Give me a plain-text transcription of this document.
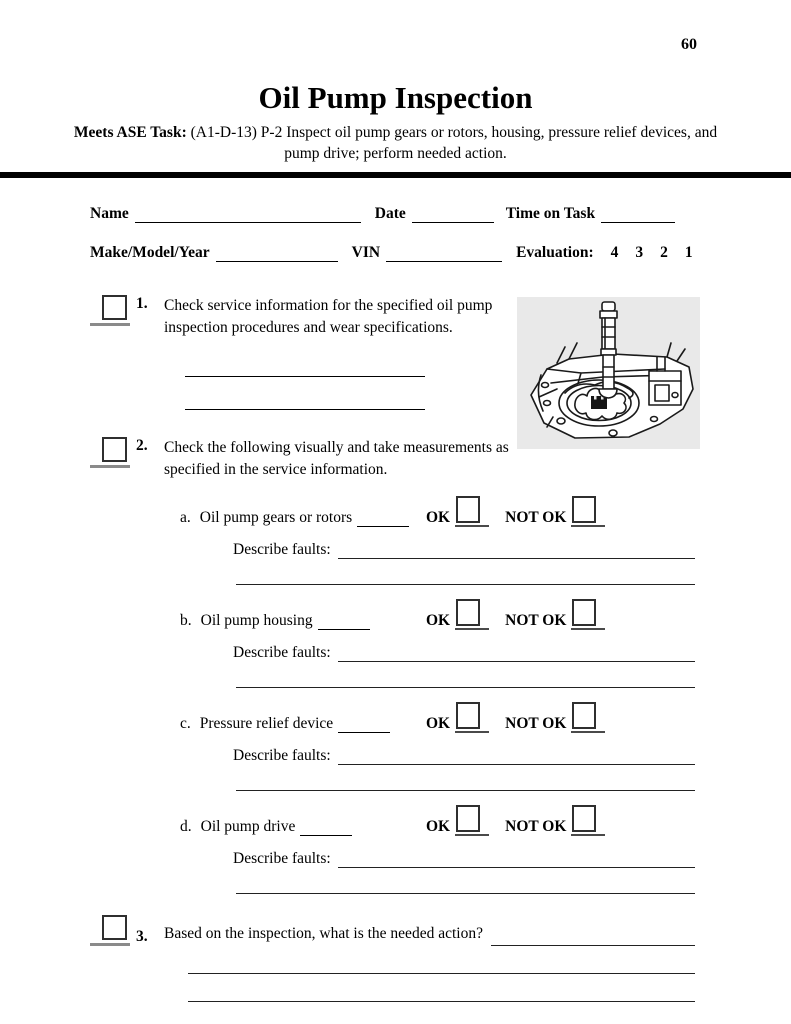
60
Oil Pump Inspection
Meets ASE Task: (A1-D-13) P-2 Inspect oil pump gears or rotors, housing, pressure relief devices, and pump drive; perform needed action.
Name	Date	Time on Task
Make/Model/Year	VIN	Evaluation: 4 3 2 1
1.	Check service information for the specified oil pump inspection procedures and wear specifications.
2.	Check the following visually and take measurements as specified in the service information.
a. Oil pump gears or rotors	OK	NOT OK
Describe faults:
b. Oil pump housing	OK	NOT OK
Describe faults:
c. Pressure relief device	OK	NOT OK
Describe faults:
d. Oil pump drive	OK	NOT OK
Describe faults:
3.	Based on the inspection, what is the needed action?
